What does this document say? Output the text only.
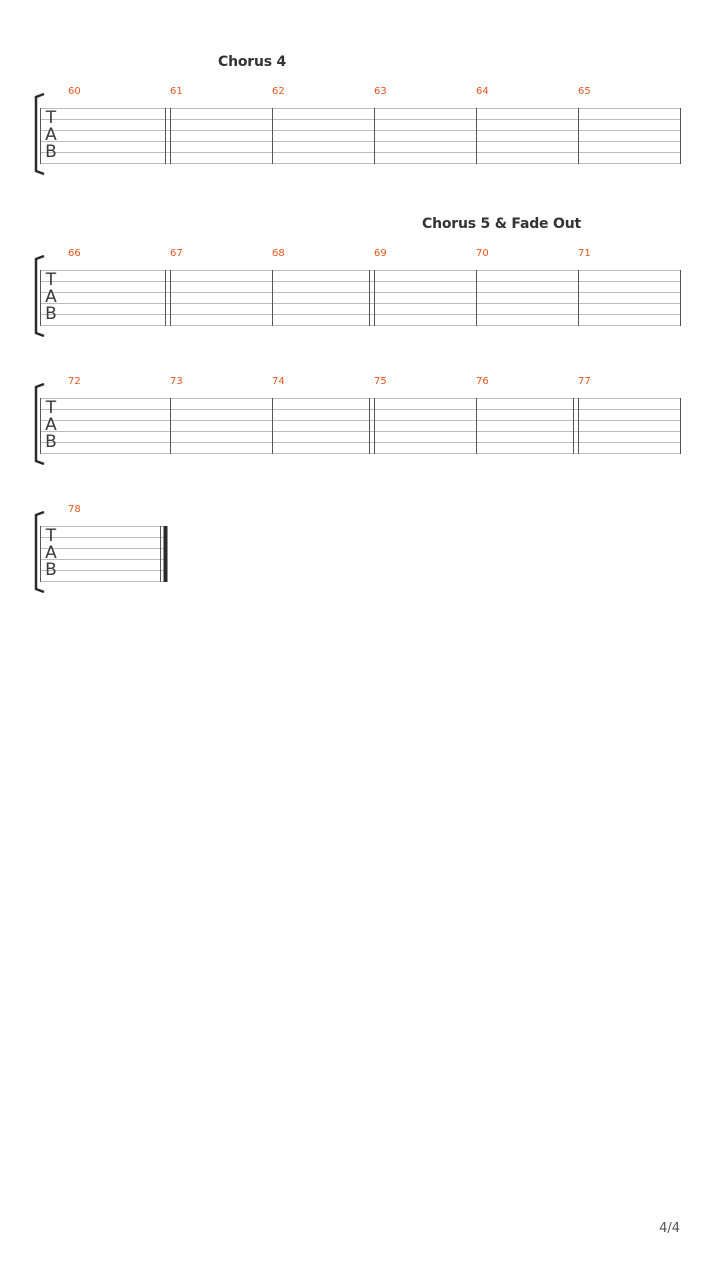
Chorus 4
Chorus 5 & Fade Out
T
A
B
60	61	62	63	64	65
T
A
B
66	67	68	69	70	71
T
A
B
72	73	74	75	76	77
T
A
B
78
4/4
